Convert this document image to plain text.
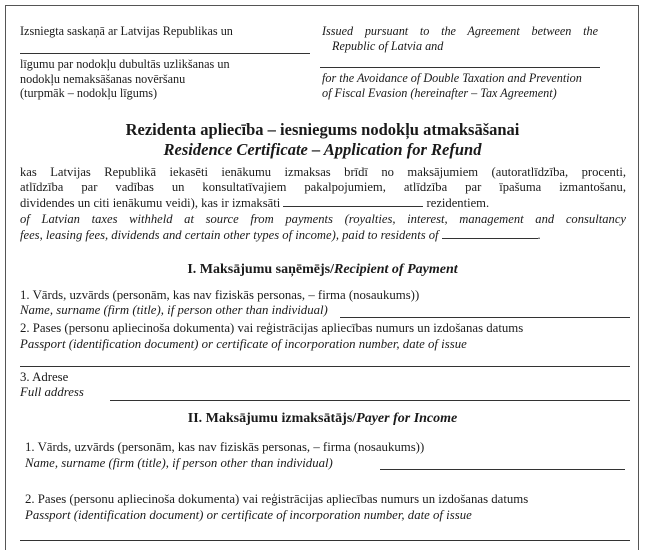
Izsniegta saskaņā ar Latvijas Republikas un
līgumu par nodokļu dubultās uzlikšanas un
nodokļu nemaksāšanas novēršanu
(turpmāk – nodokļu līgums)
Issued pursuant to the Agreement between the
Republic of Latvia and
for the Avoidance of Double Taxation and Prevention
of Fiscal Evasion (hereinafter – Tax Agreement)
Rezidenta apliecība – iesniegums nodokļu atmaksāšanai
Residence Certificate – Application for Refund
kas Latvijas Republikā iekasēti ienākumu izmaksas brīdī no maksājumiem (autoratlīdzība, procenti,
atlīdzība par vadības un konsultatīvajiem pakalpojumiem, atlīdzība par īpašuma izmantošanu,
dividendes un citi ienākumu veidi), kas ir izmaksāti	rezidentiem.
of Latvian taxes withheld at source from payments (royalties, interest, management and consultancy
fees, leasing fees, dividends and certain other types of income), paid to residents of	.
I. Maksājumu saņēmējs/Recipient of Payment
1. Vārds, uzvārds (personām, kas nav fiziskās personas, – firma (nosaukums))
Name, surname (firm (title), if person other than individual)
2. Pases (personu apliecinoša dokumenta) vai reģistrācijas apliecības numurs un izdošanas datums
Passport (identification document) or certificate of incorporation number, date of issue
3. Adrese
Full address
II. Maksājumu izmaksātājs/Payer for Income
1. Vārds, uzvārds (personām, kas nav fiziskās personas, – firma (nosaukums))
Name, surname (firm (title), if person other than individual)
2. Pases (personu apliecinoša dokumenta) vai reģistrācijas apliecības numurs un izdošanas datums
Passport (identification document) or certificate of incorporation number, date of issue
